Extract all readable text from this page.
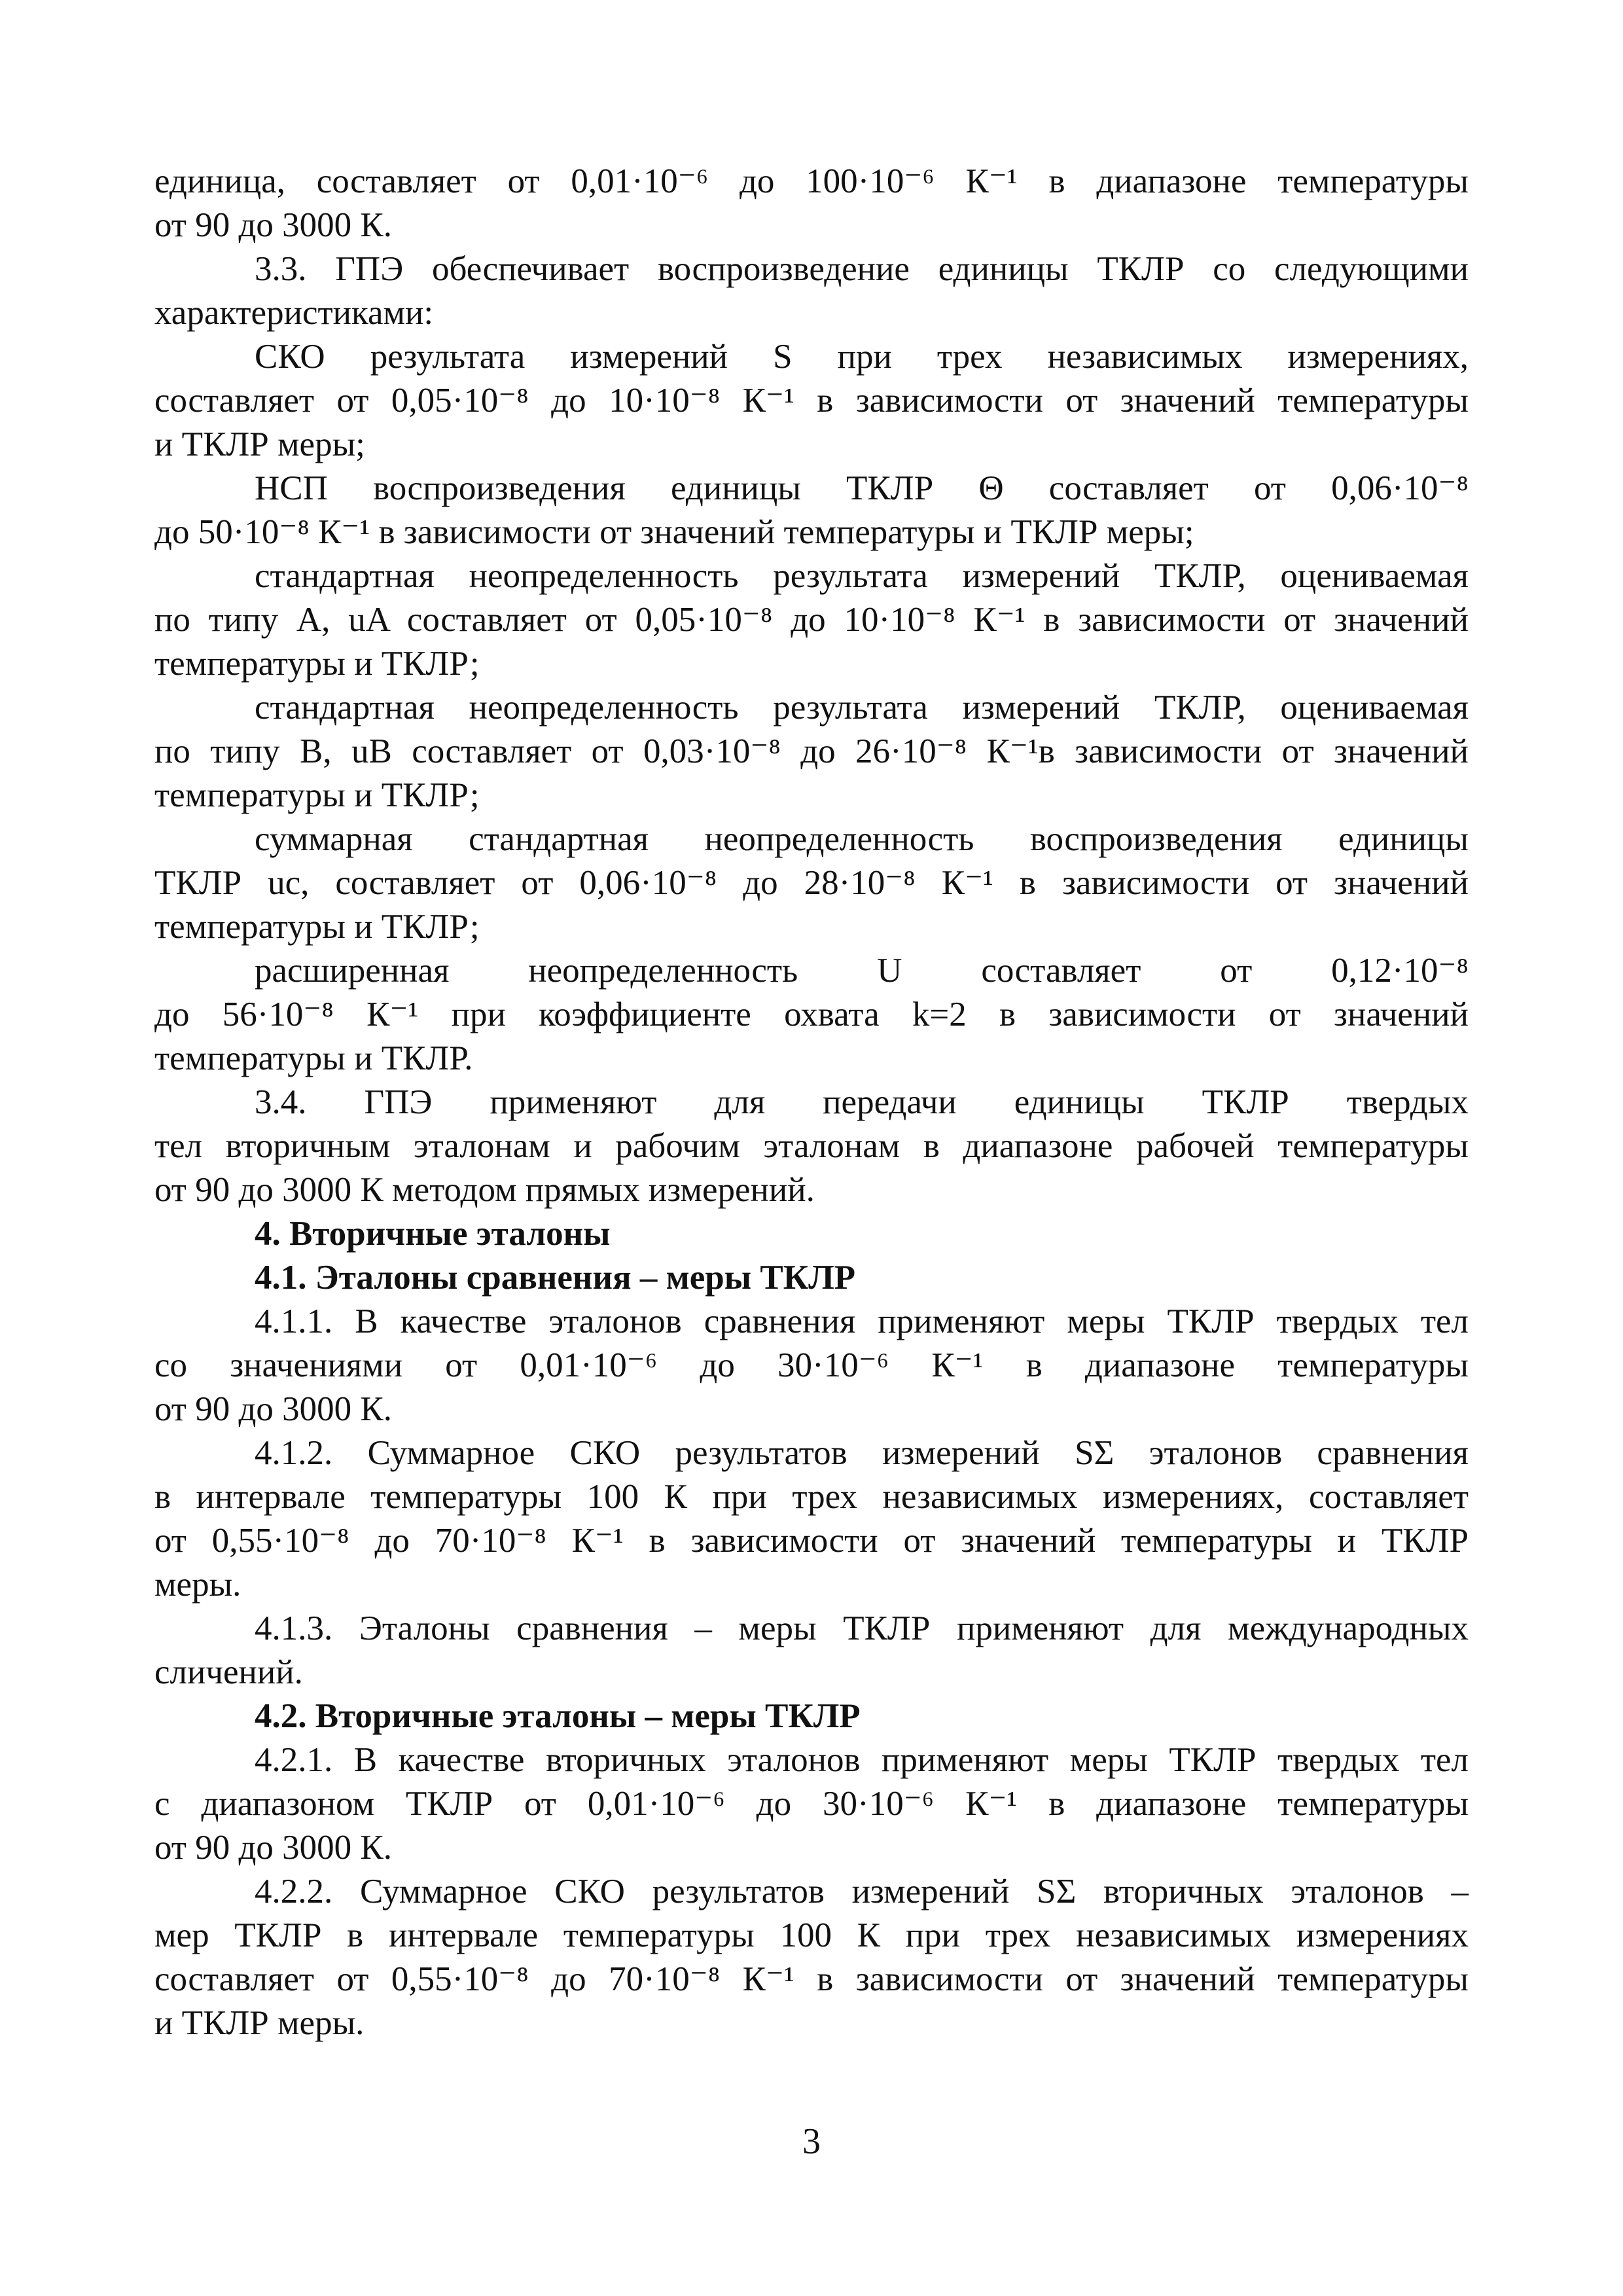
единица, составляет от 0,01·10⁻⁶ до 100·10⁻⁶ К⁻¹ в диапазоне температуры
от 90 до 3000 К.
3.3. ГПЭ обеспечивает воспроизведение единицы ТКЛР со следующими
характеристиками:
СКО результата измерений S при трех независимых измерениях,
составляет от 0,05·10⁻⁸ до 10·10⁻⁸ К⁻¹ в зависимости от значений температуры
и ТКЛР меры;
НСП воспроизведения единицы ТКЛР Θ составляет от 0,06·10⁻⁸
до 50·10⁻⁸ К⁻¹ в зависимости от значений температуры и ТКЛР меры;
стандартная неопределенность результата измерений ТКЛР, оцениваемая
по типу А, uA составляет от 0,05·10⁻⁸ до 10·10⁻⁸ К⁻¹ в зависимости от значений
температуры и ТКЛР;
стандартная неопределенность результата измерений ТКЛР, оцениваемая
по типу В, uB составляет от 0,03·10⁻⁸ до 26·10⁻⁸ К⁻¹в зависимости от значений
температуры и ТКЛР;
суммарная стандартная неопределенность воспроизведения единицы
ТКЛР uc, составляет от 0,06·10⁻⁸ до 28·10⁻⁸ К⁻¹ в зависимости от значений
температуры и ТКЛР;
расширенная неопределенность U составляет от 0,12·10⁻⁸
до 56·10⁻⁸ К⁻¹ при коэффициенте охвата k=2 в зависимости от значений
температуры и ТКЛР.
3.4. ГПЭ применяют для передачи единицы ТКЛР твердых
тел вторичным эталонам и рабочим эталонам в диапазоне рабочей температуры
от 90 до 3000 К методом прямых измерений.
4. Вторичные эталоны
4.1. Эталоны сравнения – меры ТКЛР
4.1.1. В качестве эталонов сравнения применяют меры ТКЛР твердых тел
со значениями от 0,01·10⁻⁶ до 30·10⁻⁶ К⁻¹ в диапазоне температуры
от 90 до 3000 К.
4.1.2. Суммарное СКО результатов измерений SΣ эталонов сравнения
в интервале температуры 100 К при трех независимых измерениях, составляет
от 0,55·10⁻⁸ до 70·10⁻⁸ К⁻¹ в зависимости от значений температуры и ТКЛР
меры.
4.1.3. Эталоны сравнения – меры ТКЛР применяют для международных
сличений.
4.2. Вторичные эталоны – меры ТКЛР
4.2.1. В качестве вторичных эталонов применяют меры ТКЛР твердых тел
с диапазоном ТКЛР от 0,01·10⁻⁶ до 30·10⁻⁶ К⁻¹ в диапазоне температуры
от 90 до 3000 К.
4.2.2. Суммарное СКО результатов измерений SΣ вторичных эталонов –
мер ТКЛР в интервале температуры 100 К при трех независимых измерениях
составляет от 0,55·10⁻⁸ до 70·10⁻⁸ К⁻¹ в зависимости от значений температуры
и ТКЛР меры.
3
